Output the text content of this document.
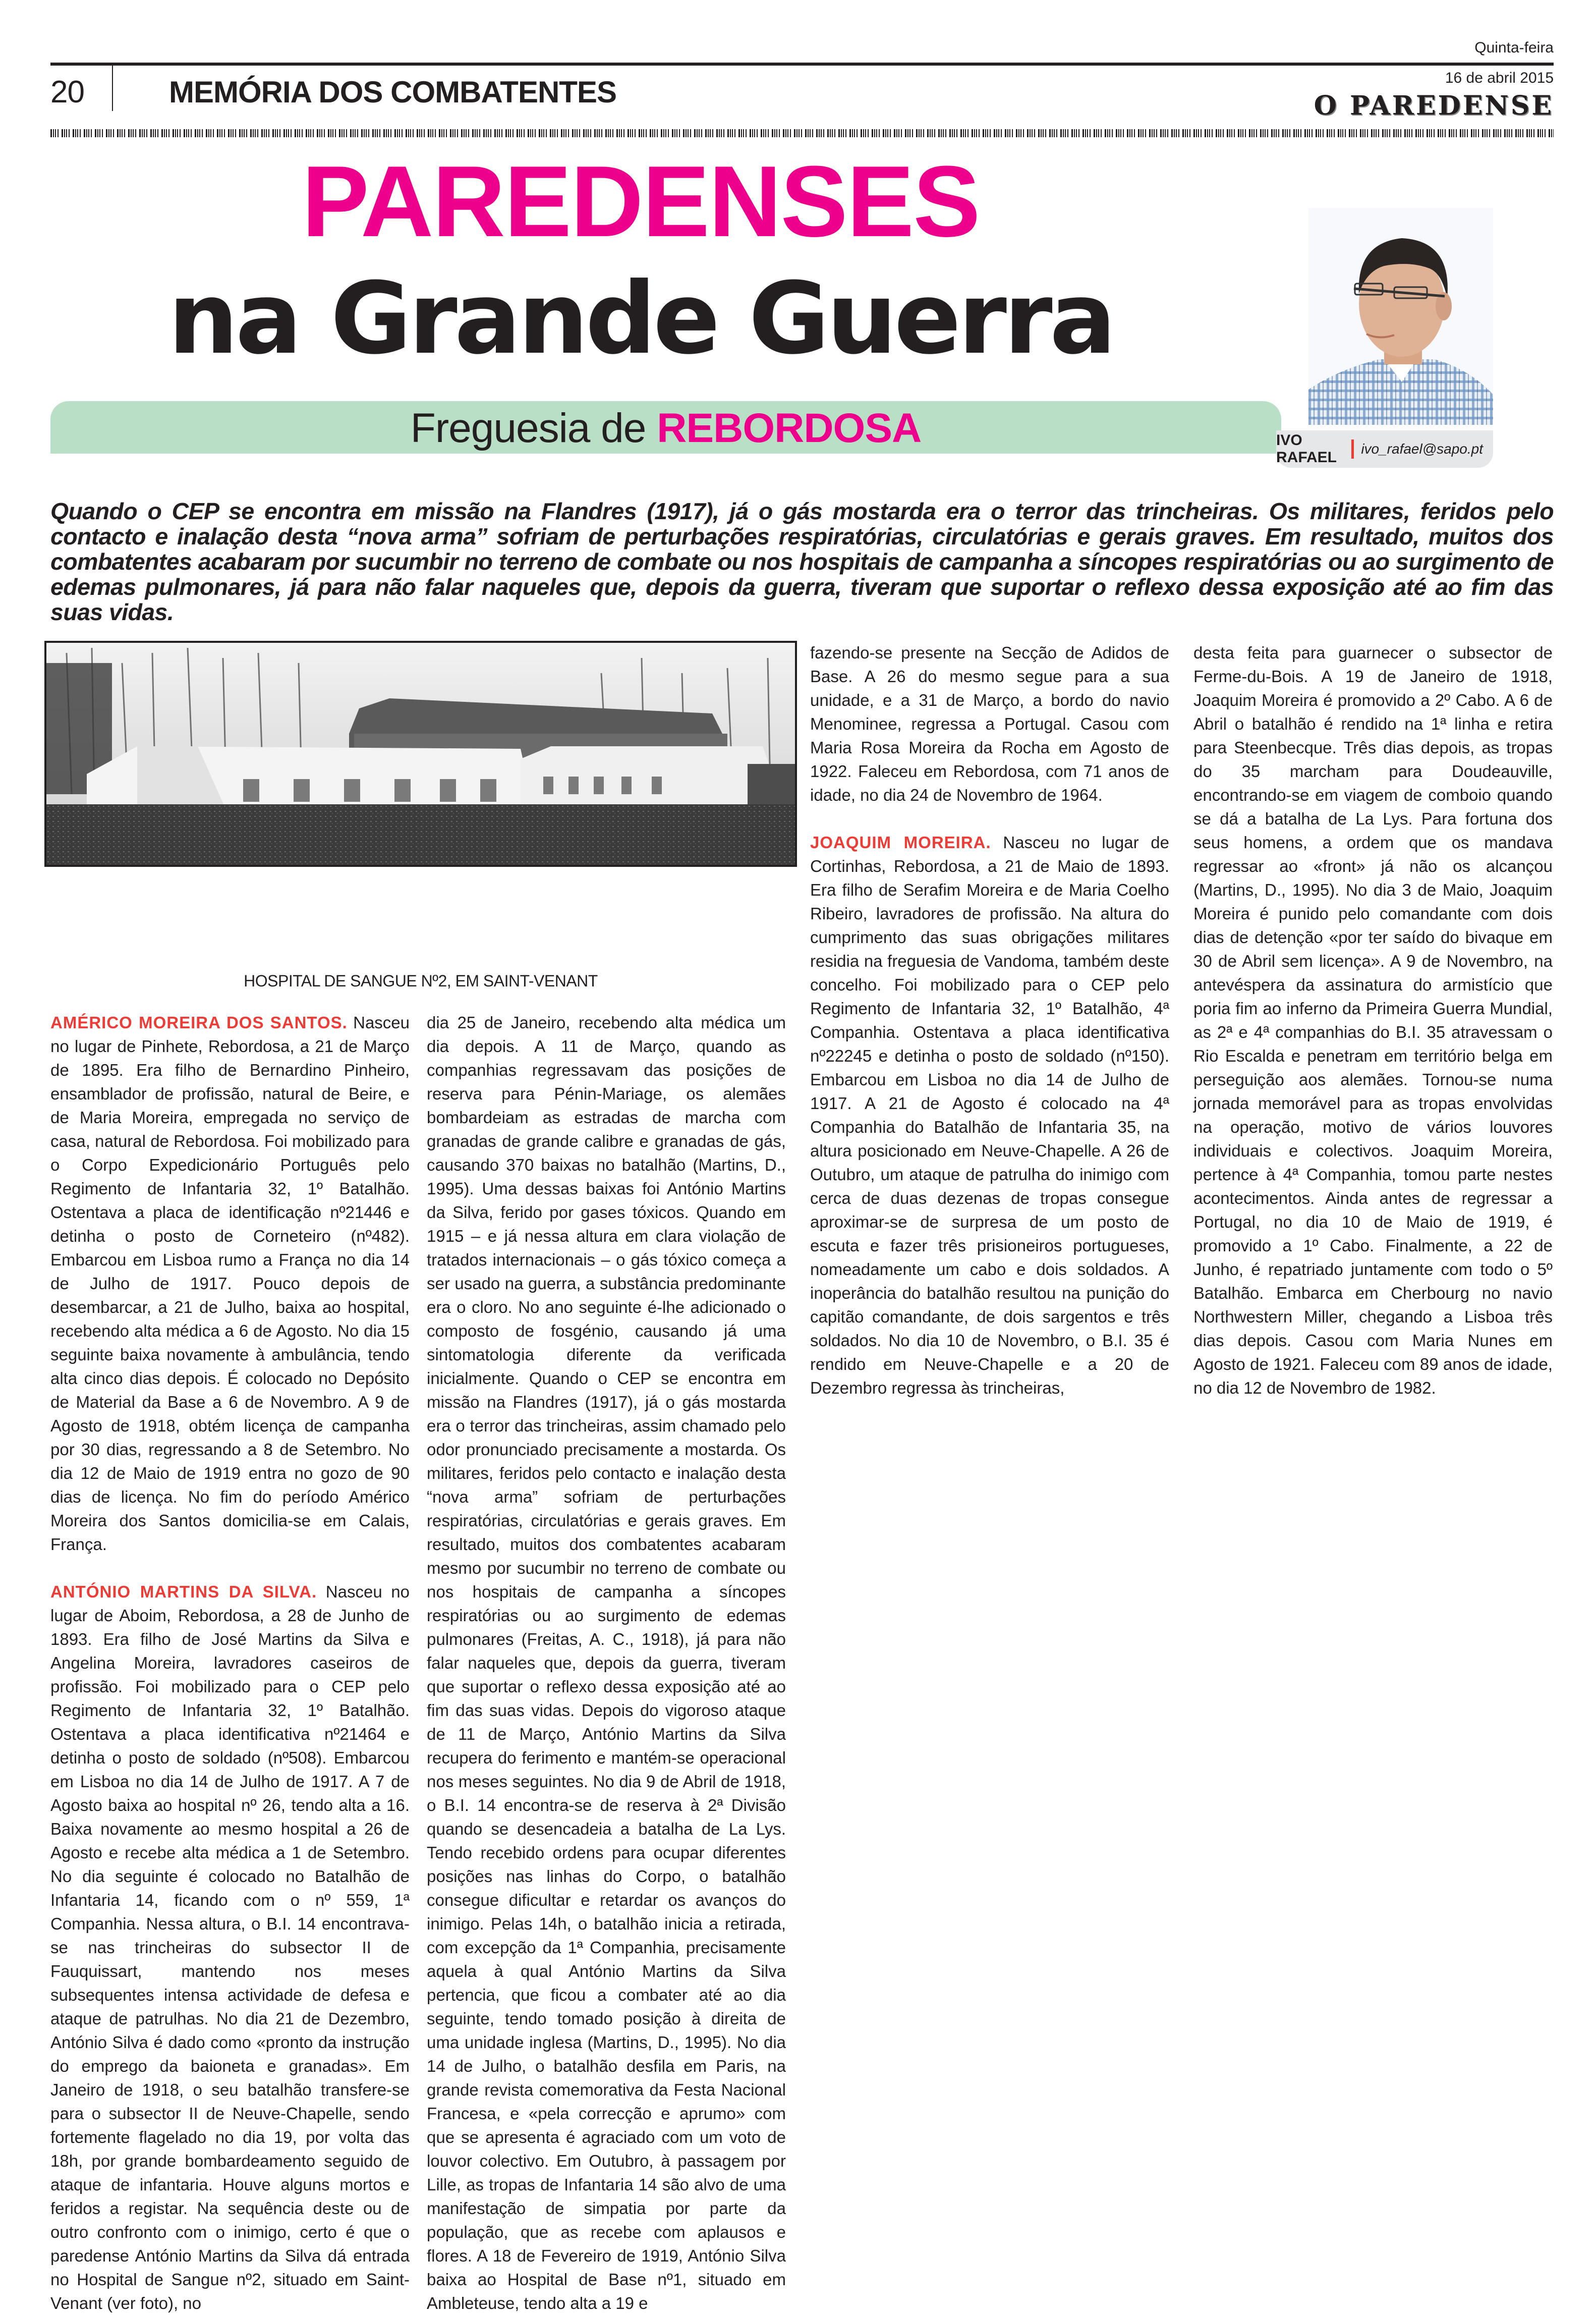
Quinta-feira
20	MEMÓRIA DOS COMBATENTES	16 de abril 2015
O PAREDENSE
PAREDENSES
na Grande Guerra
Freguesia de REBORDOSA	IVO RAFAEL
ivo_rafael@sapo.pt

Quando o CEP se encontra em missão na Flandres (1917), já o gás mostarda era o terror das trincheiras. Os militares, feridos pelo contacto e inalação desta “nova arma” sofriam de perturbações respiratórias, circulatórias e gerais graves. Em resultado, muitos dos combatentes acabaram por sucumbir no terreno de combate ou nos hospitais de campanha a síncopes respiratórias ou ao surgimento de edemas pulmonares, já para não falar naqueles que, depois da guerra, tiveram que suportar o reflexo dessa exposição até ao fim das suas vidas.

HOSPITAL DE SANGUE Nº2, EM SAINT-VENANT

AMÉRICO MOREIRA DOS SANTOS. Nasceu no lugar de Pinhete, Rebordosa, a 21 de Março de 1895. Era filho de Bernardino Pinheiro, ensamblador de profissão, natural de Beire, e de Maria Moreira, empregada no serviço de casa, natural de Rebordosa. Foi mobilizado para o Corpo Expedicionário Português pelo Regimento de Infantaria 32, 1º Batalhão. Ostentava a placa de identificação nº21446 e detinha o posto de Corneteiro (nº482). Embarcou em Lisboa rumo a França no dia 14 de Julho de 1917. Pouco depois de desembarcar, a 21 de Julho, baixa ao hospital, recebendo alta médica a 6 de Agosto. No dia 15 seguinte baixa novamente à ambulância, tendo alta cinco dias depois. É colocado no Depósito de Material da Base a 6 de Novembro. A 9 de Agosto de 1918, obtém licença de campanha por 30 dias, regressando a 8 de Setembro. No dia 12 de Maio de 1919 entra no gozo de 90 dias de licença. No fim do período Américo Moreira dos Santos domicilia-se em Calais, França.

ANTÓNIO MARTINS DA SILVA. Nasceu no lugar de Aboim, Rebordosa, a 28 de Junho de 1893. Era filho de José Martins da Silva e Angelina Moreira, lavradores caseiros de profissão. Foi mobilizado para o CEP pelo Regimento de Infantaria 32, 1º Batalhão. Ostentava a placa identificativa nº21464 e detinha o posto de soldado (nº508). Embarcou em Lisboa no dia 14 de Julho de 1917. A 7 de Agosto baixa ao hospital nº 26, tendo alta a 16. Baixa novamente ao mesmo hospital a 26 de Agosto e recebe alta médica a 1 de Setembro. No dia seguinte é colocado no Batalhão de Infantaria 14, ficando com o nº 559, 1ª Companhia. Nessa altura, o B.I. 14 encontrava-se nas trincheiras do subsector II de Fauquissart, mantendo nos meses subsequentes intensa actividade de defesa e ataque de patrulhas. No dia 21 de Dezembro, António Silva é dado como «pronto da instrução do emprego da baioneta e granadas». Em Janeiro de 1918, o seu batalhão transfere-se para o subsector II de Neuve-Chapelle, sendo fortemente flagelado no dia 19, por volta das 18h, por grande bombardeamento seguido de ataque de infantaria. Houve alguns mortos e feridos a registar. Na sequência deste ou de outro confronto com o inimigo, certo é que o paredense António Martins da Silva dá entrada no Hospital de Sangue nº2, situado em Saint-Venant (ver foto), no

dia 25 de Janeiro, recebendo alta médica um dia depois. A 11 de Março, quando as companhias regressavam das posições de reserva para Pénin-Mariage, os alemães bombardeiam as estradas de marcha com granadas de grande calibre e granadas de gás, causando 370 baixas no batalhão (Martins, D., 1995). Uma dessas baixas foi António Martins da Silva, ferido por gases tóxicos. Quando em 1915 – e já nessa altura em clara violação de tratados internacionais – o gás tóxico começa a ser usado na guerra, a substância predominante era o cloro. No ano seguinte é-lhe adicionado o composto de fosgénio, causando já uma sintomatologia diferente da verificada inicialmente. Quando o CEP se encontra em missão na Flandres (1917), já o gás mostarda era o terror das trincheiras, assim chamado pelo odor pronunciado precisamente a mostarda. Os militares, feridos pelo contacto e inalação desta “nova arma” sofriam de perturbações respiratórias, circulatórias e gerais graves. Em resultado, muitos dos combatentes acabaram mesmo por sucumbir no terreno de combate ou nos hospitais de campanha a síncopes respiratórias ou ao surgimento de edemas pulmonares (Freitas, A. C., 1918), já para não falar naqueles que, depois da guerra, tiveram que suportar o reflexo dessa exposição até ao fim das suas vidas. Depois do vigoroso ataque de 11 de Março, António Martins da Silva recupera do ferimento e mantém-se operacional nos meses seguintes. No dia 9 de Abril de 1918, o B.I. 14 encontra-se de reserva à 2ª Divisão quando se desencadeia a batalha de La Lys. Tendo recebido ordens para ocupar diferentes posições nas linhas do Corpo, o batalhão consegue dificultar e retardar os avanços do inimigo. Pelas 14h, o batalhão inicia a retirada, com excepção da 1ª Companhia, precisamente aquela à qual António Martins da Silva pertencia, que ficou a combater até ao dia seguinte, tendo tomado posição à direita de uma unidade inglesa (Martins, D., 1995). No dia 14 de Julho, o batalhão desfila em Paris, na grande revista comemorativa da Festa Nacional Francesa, e «pela correcção e aprumo» com que se apresenta é agraciado com um voto de louvor colectivo. Em Outubro, à passagem por Lille, as tropas de Infantaria 14 são alvo de uma manifestação de simpatia por parte da população, que as recebe com aplausos e flores. A 18 de Fevereiro de 1919, António Silva baixa ao Hospital de Base nº1, situado em Ambleteuse, tendo alta a 19 e

fazendo-se presente na Secção de Adidos de Base. A 26 do mesmo segue para a sua unidade, e a 31 de Março, a bordo do navio Menominee, regressa a Portugal. Casou com Maria Rosa Moreira da Rocha em Agosto de 1922. Faleceu em Rebordosa, com 71 anos de idade, no dia 24 de Novembro de 1964.

JOAQUIM MOREIRA. Nasceu no lugar de Cortinhas, Rebordosa, a 21 de Maio de 1893. Era filho de Serafim Moreira e de Maria Coelho Ribeiro, lavradores de profissão. Na altura do cumprimento das suas obrigações militares residia na freguesia de Vandoma, também deste concelho. Foi mobilizado para o CEP pelo Regimento de Infantaria 32, 1º Batalhão, 4ª Companhia. Ostentava a placa identificativa nº22245 e detinha o posto de soldado (nº150). Embarcou em Lisboa no dia 14 de Julho de 1917. A 21 de Agosto é colocado na 4ª Companhia do Batalhão de Infantaria 35, na altura posicionado em Neuve-Chapelle. A 26 de Outubro, um ataque de patrulha do inimigo com cerca de duas dezenas de tropas consegue aproximar-se de surpresa de um posto de escuta e fazer três prisioneiros portugueses, nomeadamente um cabo e dois soldados. A inoperância do batalhão resultou na punição do capitão comandante, de dois sargentos e três soldados. No dia 10 de Novembro, o B.I. 35 é rendido em Neuve-Chapelle e a 20 de Dezembro regressa às trincheiras,

desta feita para guarnecer o subsector de Ferme-du-Bois. A 19 de Janeiro de 1918, Joaquim Moreira é promovido a 2º Cabo. A 6 de Abril o batalhão é rendido na 1ª linha e retira para Steenbecque. Três dias depois, as tropas do 35 marcham para Doudeauville, encontrando-se em viagem de comboio quando se dá a batalha de La Lys. Para fortuna dos seus homens, a ordem que os mandava regressar ao «front» já não os alcançou (Martins, D., 1995). No dia 3 de Maio, Joaquim Moreira é punido pelo comandante com dois dias de detenção «por ter saído do bivaque em 30 de Abril sem licença». A 9 de Novembro, na antevéspera da assinatura do armistício que poria fim ao inferno da Primeira Guerra Mundial, as 2ª e 4ª companhias do B.I. 35 atravessam o Rio Escalda e penetram em território belga em perseguição aos alemães. Tornou-se numa jornada memorável para as tropas envolvidas na operação, motivo de vários louvores individuais e colectivos. Joaquim Moreira, pertence à 4ª Companhia, tomou parte nestes acontecimentos. Ainda antes de regressar a Portugal, no dia 10 de Maio de 1919, é promovido a 1º Cabo. Finalmente, a 22 de Junho, é repatriado juntamente com todo o 5º Batalhão. Embarca em Cherbourg no navio Northwestern Miller, chegando a Lisboa três dias depois. Casou com Maria Nunes em Agosto de 1921. Faleceu com 89 anos de idade, no dia 12 de Novembro de 1982.
